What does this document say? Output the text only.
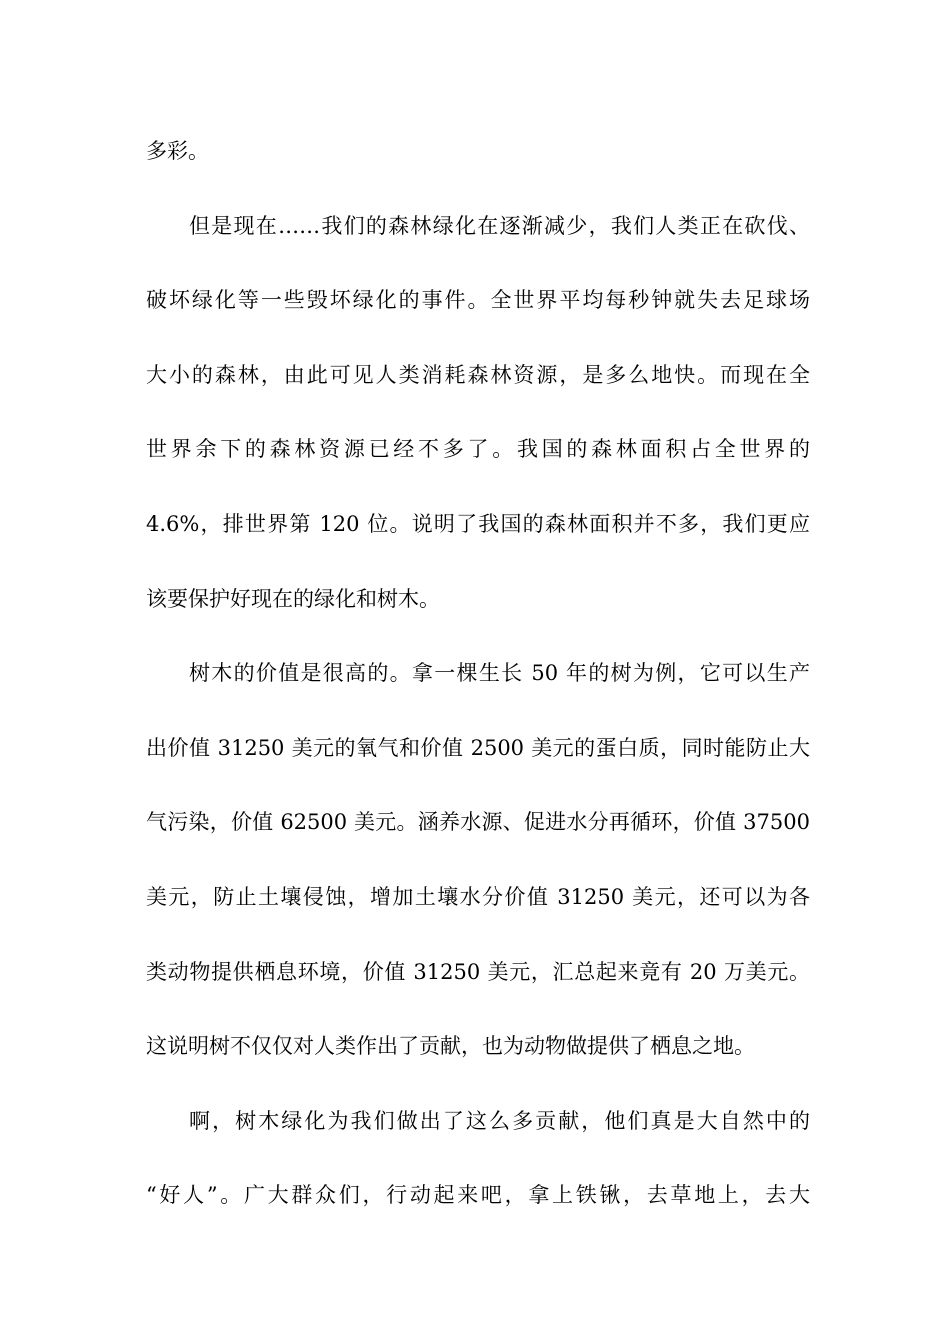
多彩。
但是现在……我们的森林绿化在逐渐减少，我们人类正在砍伐、
破坏绿化等一些毁坏绿化的事件。全世界平均每秒钟就失去足球场
大小的森林，由此可见人类消耗森林资源，是多么地快。而现在全
世界余下的森林资源已经不多了。我国的森林面积占全世界的
4.6%，排世界第 120 位。说明了我国的森林面积并不多，我们更应
该要保护好现在的绿化和树木。
树木的价值是很高的。拿一棵生长 50 年的树为例，它可以生产
出价值 31250 美元的氧气和价值 2500 美元的蛋白质，同时能防止大
气污染，价值 62500 美元。涵养水源、促进水分再循环，价值 37500
美元，防止土壤侵蚀，增加土壤水分价值 31250 美元，还可以为各
类动物提供栖息环境，价值 31250 美元，汇总起来竟有 20 万美元。
这说明树不仅仅对人类作出了贡献，也为动物做提供了栖息之地。
啊，树木绿化为我们做出了这么多贡献，他们真是大自然中的
“好人”。广大群众们，行动起来吧，拿上铁锹，去草地上，去大
